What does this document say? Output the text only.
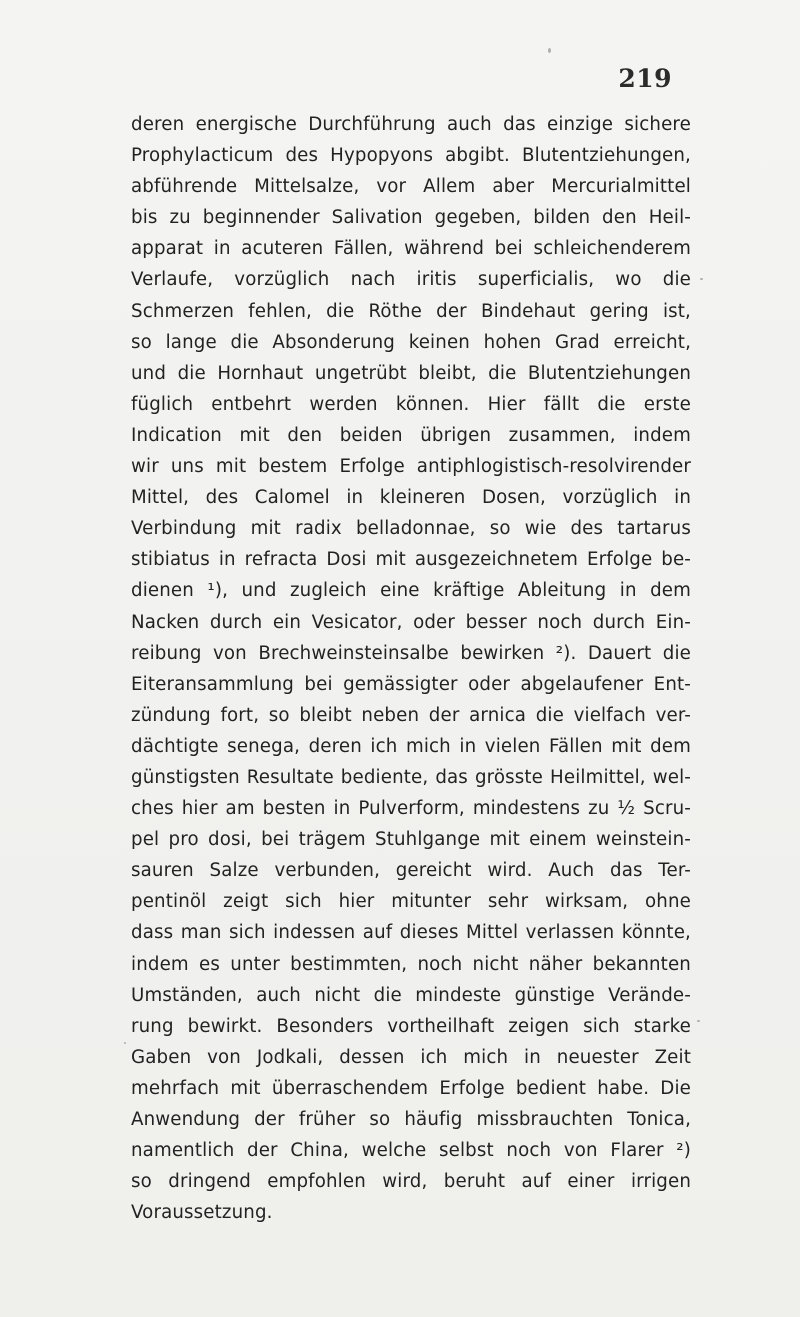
219
deren energische Durchführung auch das einzige sichere
Prophylacticum des Hypopyons abgibt. Blutentziehungen,
abführende Mittelsalze, vor Allem aber Mercurialmittel
bis zu beginnender Salivation gegeben, bilden den Heil-
apparat in acuteren Fällen, während bei schleichenderem
Verlaufe, vorzüglich nach iritis superficialis, wo die
Schmerzen fehlen, die Röthe der Bindehaut gering ist,
so lange die Absonderung keinen hohen Grad erreicht,
und die Hornhaut ungetrübt bleibt, die Blutentziehungen
füglich entbehrt werden können. Hier fällt die erste
Indication mit den beiden übrigen zusammen, indem
wir uns mit bestem Erfolge antiphlogistisch-resolvirender
Mittel, des Calomel in kleineren Dosen, vorzüglich in
Verbindung mit radix belladonnae, so wie des tartarus
stibiatus in refracta Dosi mit ausgezeichnetem Erfolge be-
dienen ¹), und zugleich eine kräftige Ableitung in dem
Nacken durch ein Vesicator, oder besser noch durch Ein-
reibung von Brechweinsteinsalbe bewirken ²). Dauert die
Eiteransammlung bei gemässigter oder abgelaufener Ent-
zündung fort, so bleibt neben der arnica die vielfach ver-
dächtigte senega, deren ich mich in vielen Fällen mit dem
günstigsten Resultate bediente, das grösste Heilmittel, wel-
ches hier am besten in Pulverform, mindestens zu ½ Scru-
pel pro dosi, bei trägem Stuhlgange mit einem weinstein-
sauren Salze verbunden, gereicht wird. Auch das Ter-
pentinöl zeigt sich hier mitunter sehr wirksam, ohne
dass man sich indessen auf dieses Mittel verlassen könnte,
indem es unter bestimmten, noch nicht näher bekannten
Umständen, auch nicht die mindeste günstige Verände-
rung bewirkt. Besonders vortheilhaft zeigen sich starke
Gaben von Jodkali, dessen ich mich in neuester Zeit
mehrfach mit überraschendem Erfolge bedient habe. Die
Anwendung der früher so häufig missbrauchten Tonica,
namentlich der China, welche selbst noch von Flarer ²)
so dringend empfohlen wird, beruht auf einer irrigen
Voraussetzung.
